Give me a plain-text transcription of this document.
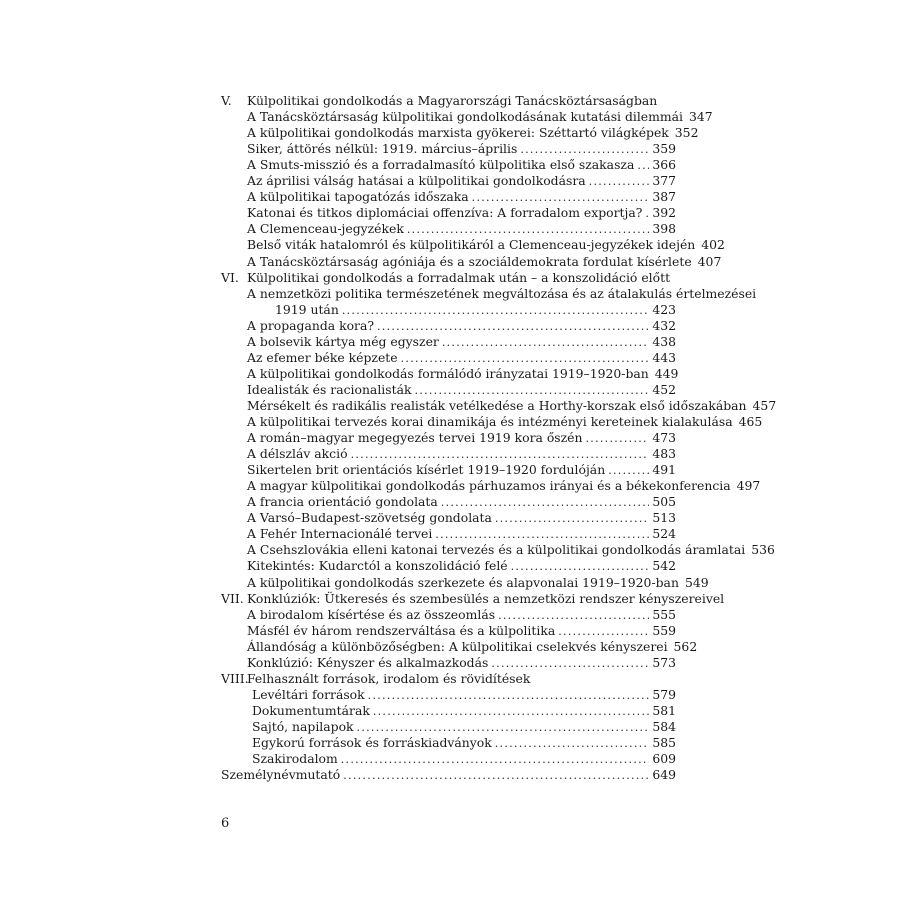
V.	Külpolitikai gondolkodás a Magyarországi Tanácsköztársaságban
A Tanácsköztársaság külpolitikai gondolkodásának kutatási dilemmái 347
A külpolitikai gondolkodás marxista gyökerei: Széttartó világképek 352
Siker, áttörés nélkül: 1919. március–április .....	359
A Smuts-misszió és a forradalmasító külpolitika első szakasza ..... 366
Az áprilisi válság hatásai a külpolitikai gondolkodásra .....	377
A külpolitikai tapogatózás időszaka .....	387
Katonai és titkos diplomáciai offenzíva: A forradalom exportja? ..... 392
A Clemenceau-jegyzékek .....	398
Belső viták hatalomról és külpolitikáról a Clemenceau-jegyzékek idején 402
A Tanácsköztársaság agóniája és a szociáldemokrata fordulat kísérlete 407
VI. Külpolitikai gondolkodás a forradalmak után – a konszolidáció előtt
A nemzetközi politika természetének megváltozása és az átalakulás értelmezései
1919 után .....	423
A propaganda kora? .....	432
A bolsevik kártya még egyszer .....	438
Az efemer béke képzete .....	443
A külpolitikai gondolkodás formálódó irányzatai 1919–1920-ban 449
Idealisták és racionalisták .....	452
Mérsékelt és radikális realisták vetélkedése a Horthy-korszak első időszakában 457
A külpolitikai tervezés korai dinamikája és intézményi kereteinek kialakulása 465
A román–magyar megegyezés tervei 1919 kora őszén .....	473
A délszláv akció .....	483
Sikertelen brit orientációs kísérlet 1919–1920 fordulóján .....	491
A magyar külpolitikai gondolkodás párhuzamos irányai és a békekonferencia 497
A francia orientáció gondolata .....	505
A Varsó–Budapest-szövetség gondolata .....	513
A Fehér Internacionálé tervei .....	524
A Csehszlovákia elleni katonai tervezés és a külpolitikai gondolkodás áramlatai 536
Kitekintés: Kudarctól a konszolidáció felé .....	542
A külpolitikai gondolkodás szerkezete és alapvonalai 1919–1920-ban 549
VII. Konklúziók: Ütkeresés és szembesülés a nemzetközi rendszer kényszereivel
A birodalom kísértése és az összeomlás .....	555
Másfél év három rendszerváltása és a külpolitika .....	559
Állandóság a különbözőségben: A külpolitikai cselekvés kényszerei 562
Konklúzió: Kényszer és alkalmazkodás .....	573
VIII.
Felhasznált források, irodalom és rövidítések
Levéltári források .....	579
Dokumentumtárak .....	581
Sajtó, napilapok .....	584
Egykorú források és forráskiadványok .....	585
Szakirodalom .....	609
Személynévmutató .....	649
6
